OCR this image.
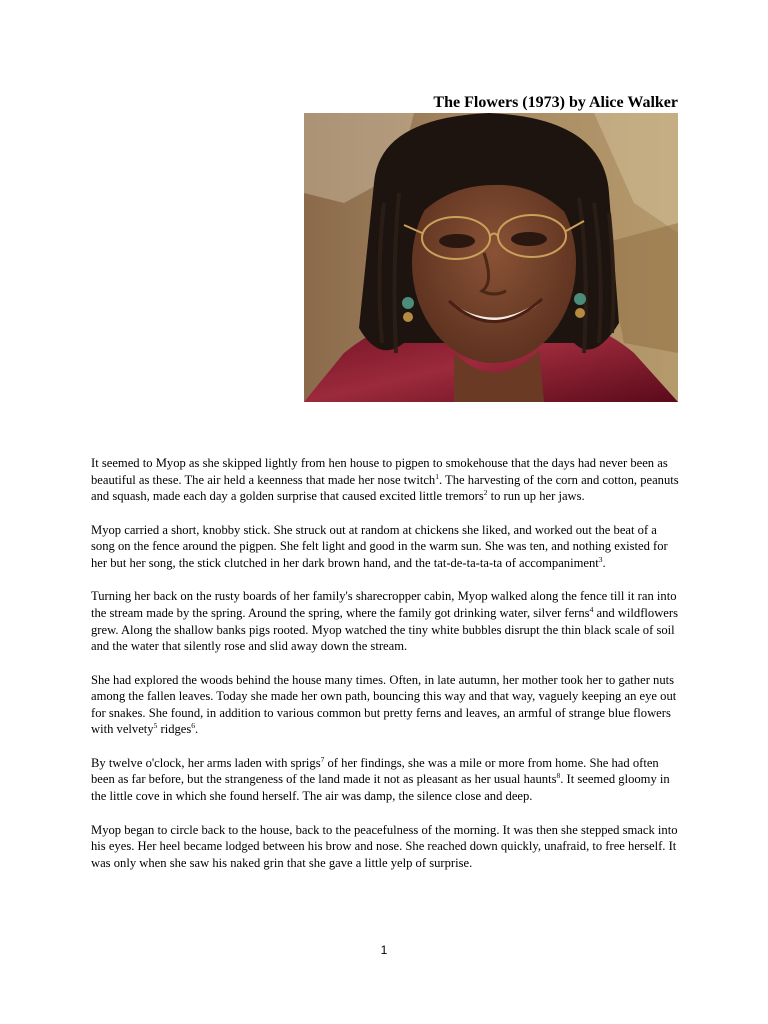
The Flowers (1973) by Alice Walker

It seemed to Myop as she skipped lightly from hen house to pigpen to smokehouse that the days had never been as beautiful as these. The air held a keenness that made her nose twitch$^1$. The harvesting of the corn and cotton, peanuts and squash, made each day a golden surprise that caused excited little tremors$^2$ to run up her jaws.

Myop carried a short, knobby stick. She struck out at random at chickens she liked, and worked out the beat of a song on the fence around the pigpen. She felt light and good in the warm sun. She was ten, and nothing existed for her but her song, the stick clutched in her dark brown hand, and the tat-de-ta-ta-ta of accompaniment$^3$.

Turning her back on the rusty boards of her family's sharecropper cabin, Myop walked along the fence till it ran into the stream made by the spring. Around the spring, where the family got drinking water, silver ferns$^4$ and wildflowers grew. Along the shallow banks pigs rooted. Myop watched the tiny white bubbles disrupt the thin black scale of soil and the water that silently rose and slid away down the stream.

She had explored the woods behind the house many times. Often, in late autumn, her mother took her to gather nuts among the fallen leaves. Today she made her own path, bouncing this way and that way, vaguely keeping an eye out for snakes. She found, in addition to various common but pretty ferns and leaves, an armful of strange blue flowers with velvety$^5$ ridges$^6$.

By twelve o'clock, her arms laden with sprigs$^7$ of her findings, she was a mile or more from home. She had often been as far before, but the strangeness of the land made it not as pleasant as her usual haunts$^8$. It seemed gloomy in the little cove in which she found herself. The air was damp, the silence close and deep.

Myop began to circle back to the house, back to the peacefulness of the morning. It was then she stepped smack into his eyes. Her heel became lodged between his brow and nose. She reached down quickly, unafraid, to free herself. It was only when she saw his naked grin that she gave a little yelp of surprise.

1
